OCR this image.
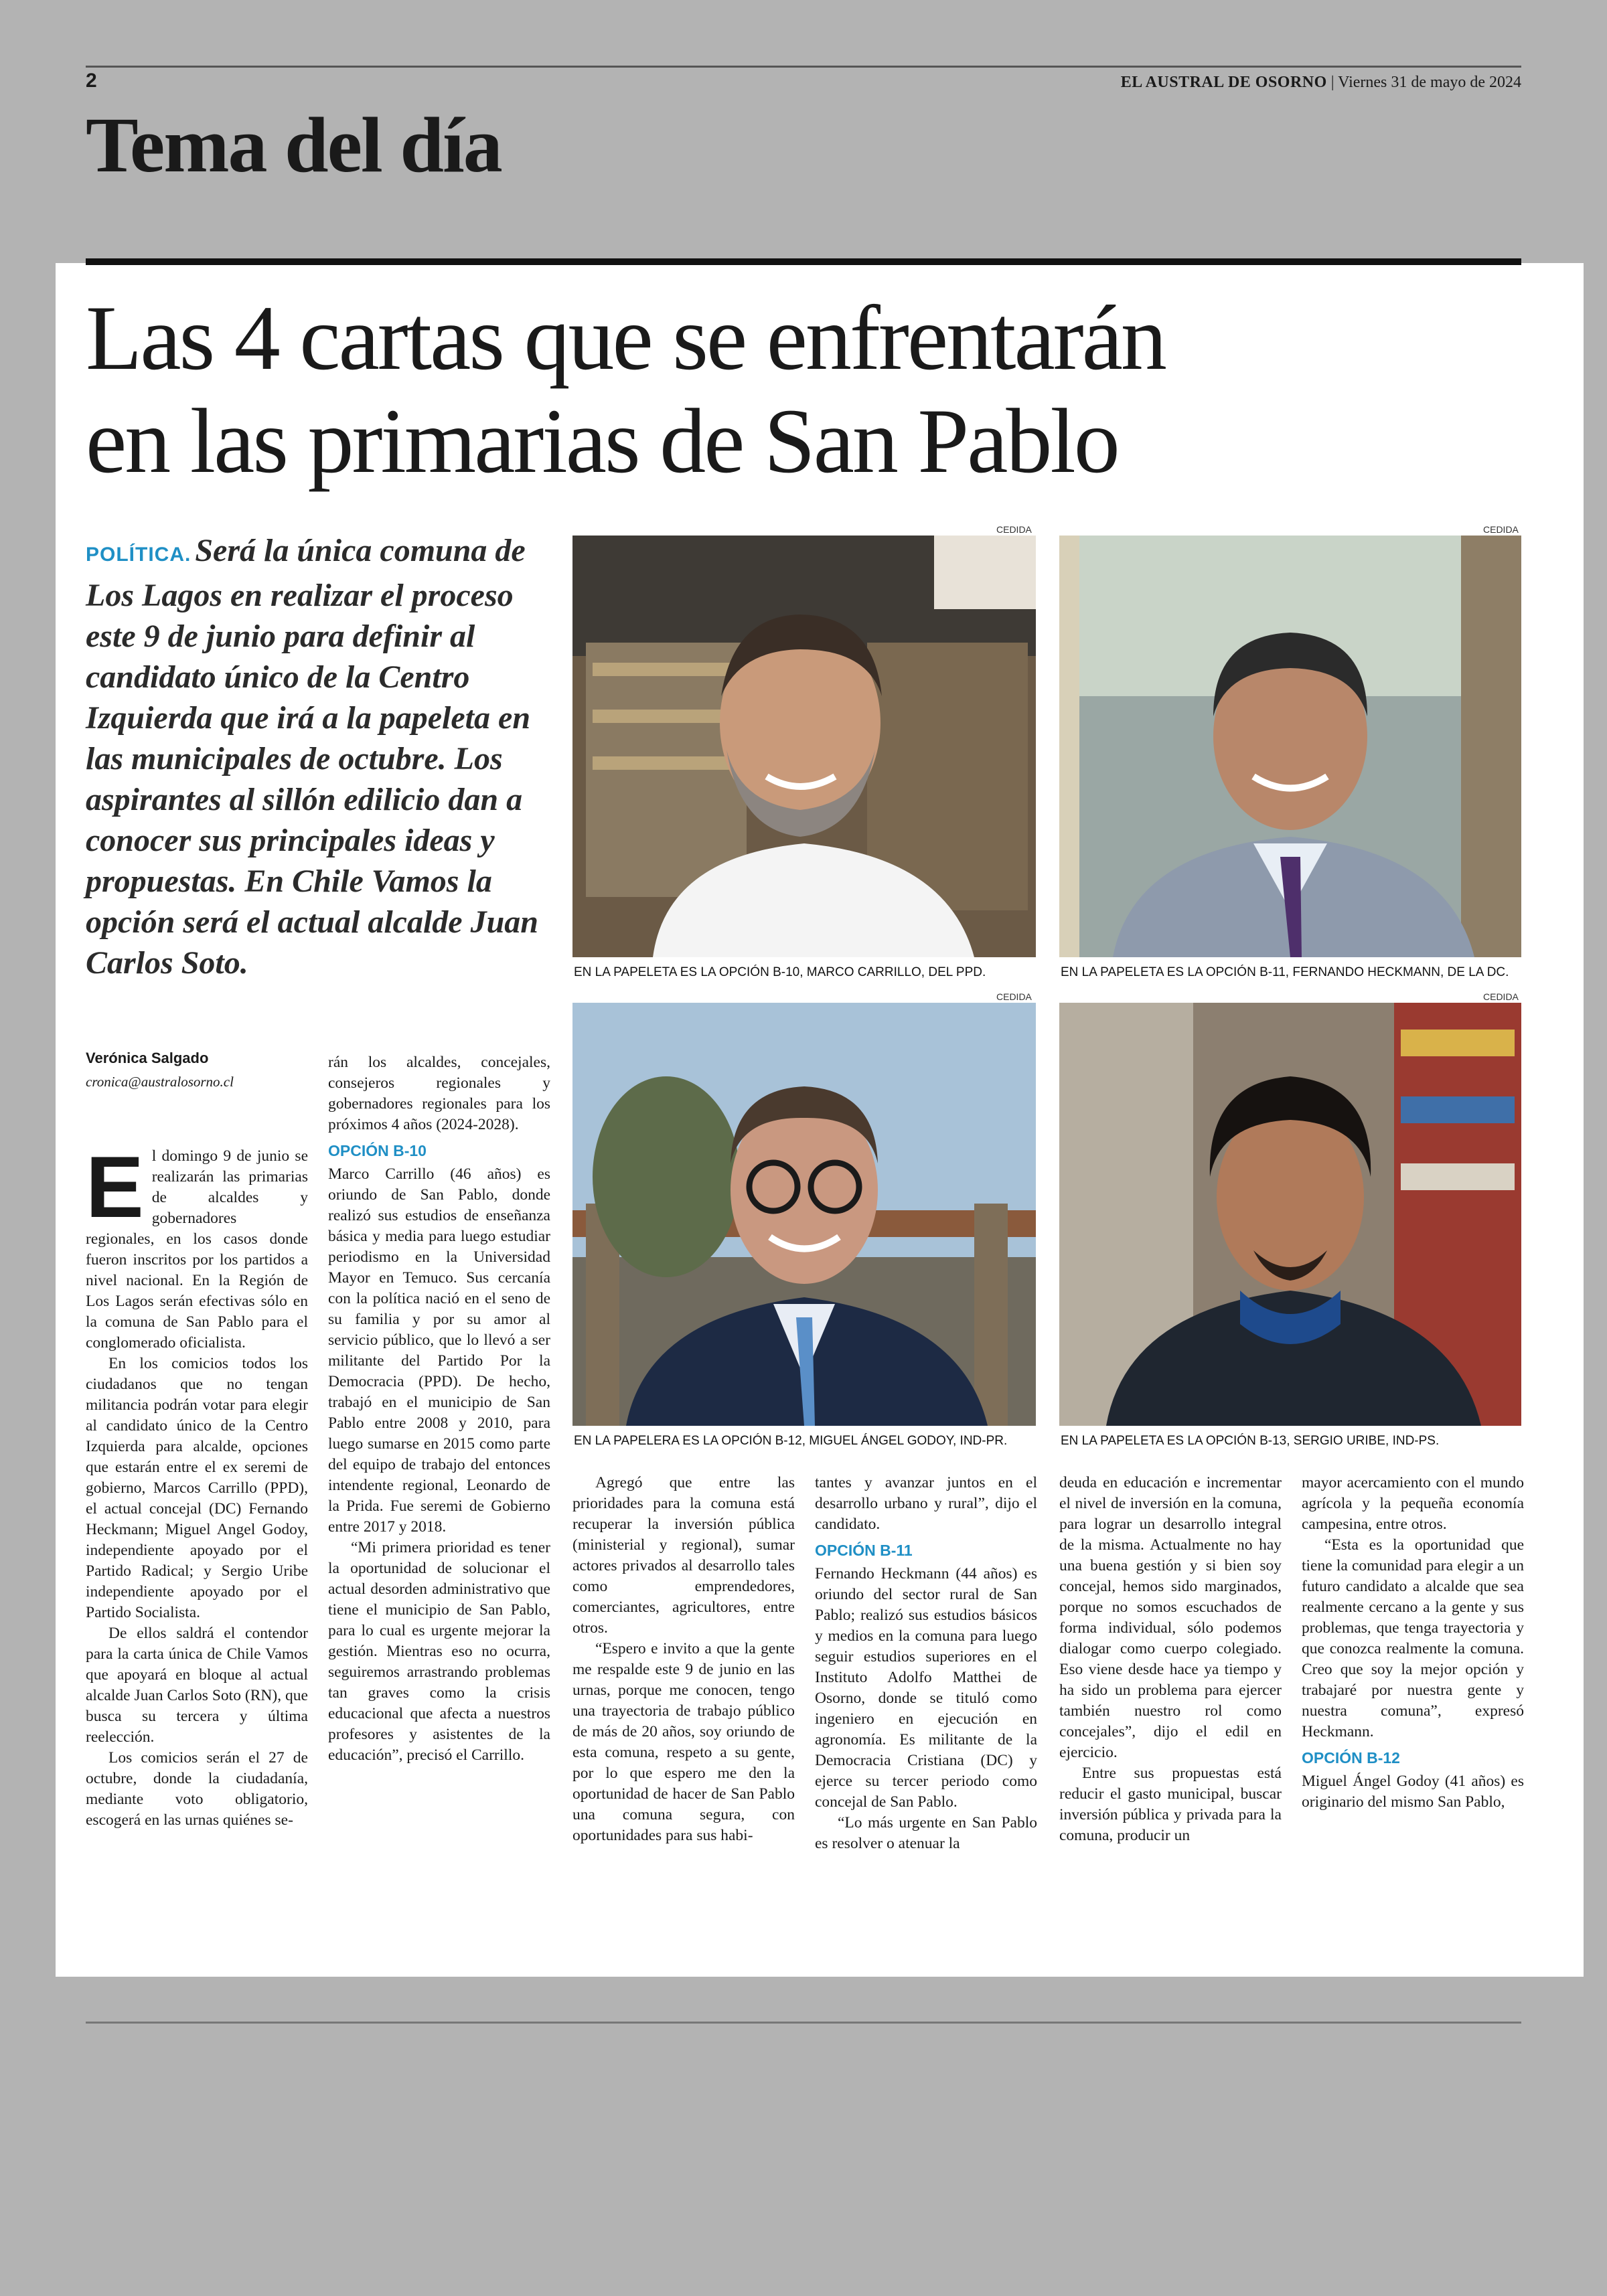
2	EL AUSTRAL DE OSORNO | Viernes 31 de mayo de 2024
Tema del día
Las 4 cartas que se enfrentarán
en las primarias de San Pablo
POLÍTICA. Será la única comuna de Los Lagos en realizar el proceso este 9 de junio para definir al candidato único de la Centro Izquierda que irá a la papeleta en las municipales de octubre. Los aspirantes al sillón edilicio dan a conocer sus principales ideas y propuestas. En Chile Vamos la opción será el actual alcalde Juan Carlos Soto.
CEDIDA
EN LA PAPELETA ES LA OPCIÓN B-10, MARCO CARRILLO, DEL PPD.
CEDIDA
EN LA PAPELETA ES LA OPCIÓN B-11, FERNANDO HECKMANN, DE LA DC.
CEDIDA
EN LA PAPELERA ES LA OPCIÓN B-12, MIGUEL ÁNGEL GODOY, IND-PR.
CEDIDA
EN LA PAPELETA ES LA OPCIÓN B-13, SERGIO URIBE, IND-PS.
Verónica Salgado
cronica@australosorno.cl

El domingo 9 de junio se realizarán las primarias de alcaldes y gobernadores regionales, en los casos donde fueron inscritos por los partidos a nivel nacional. En la Región de Los Lagos serán efectivas sólo en la comuna de San Pablo para el conglomerado oficialista.

En los comicios todos los ciudadanos que no tengan militancia podrán votar para elegir al candidato único de la Centro Izquierda para alcalde, opciones que estarán entre el ex seremi de gobierno, Marcos Carrillo (PPD), el actual concejal (DC) Fernando Heckmann; Miguel Angel Godoy, independiente apoyado por el Partido Radical; y Sergio Uribe independiente apoyado por el Partido Socialista.

De ellos saldrá el contendor para la carta única de Chile Vamos que apoyará en bloque al actual alcalde Juan Carlos Soto (RN), que busca su tercera y última reelección.

Los comicios serán el 27 de octubre, donde la ciudadanía, mediante voto obligatorio, escogerá en las urnas quiénes se-

rán los alcaldes, concejales, consejeros regionales y gobernadores regionales para los próximos 4 años (2024-2028).

OPCIÓN B-10

Marco Carrillo (46 años) es oriundo de San Pablo, donde realizó sus estudios de enseñanza básica y media para luego estudiar periodismo en la Universidad Mayor en Temuco. Sus cercanía con la política nació en el seno de su familia y por su amor al servicio público, que lo llevó a ser militante del Partido Por la Democracia (PPD). De hecho, trabajó en el municipio de San Pablo entre 2008 y 2010, para luego sumarse en 2015 como parte del equipo de trabajo del entonces intendente regional, Leonardo de la Prida. Fue seremi de Gobierno entre 2017 y 2018.

“Mi primera prioridad es tener la oportunidad de solucionar el actual desorden administrativo que tiene el municipio de San Pablo, para lo cual es urgente mejorar la gestión. Mientras eso no ocurra, seguiremos arrastrando problemas tan graves como la crisis educacional que afecta a nuestros profesores y asistentes de la educación”, precisó el Carrillo.

Agregó que entre las prioridades para la comuna está recuperar la inversión pública (ministerial y regional), sumar actores privados al desarrollo tales como emprendedores, comerciantes, agricultores, entre otros.

“Espero e invito a que la gente me respalde este 9 de junio en las urnas, porque me conocen, tengo una trayectoria de trabajo público de más de 20 años, soy oriundo de esta comuna, respeto a su gente, por lo que espero me den la oportunidad de hacer de San Pablo una comuna segura, con oportunidades para sus habi-

tantes y avanzar juntos en el desarrollo urbano y rural”, dijo el candidato.

OPCIÓN B-11

Fernando Heckmann (44 años) es oriundo del sector rural de San Pablo; realizó sus estudios básicos y medios en la comuna para luego seguir estudios superiores en el Instituto Adolfo Matthei de Osorno, donde se tituló como ingeniero en ejecución en agronomía. Es militante de la Democracia Cristiana (DC) y ejerce su tercer periodo como concejal de San Pablo.

“Lo más urgente en San Pablo es resolver o atenuar la

deuda en educación e incrementar el nivel de inversión en la comuna, para lograr un desarrollo integral de la misma. Actualmente no hay una buena gestión y si bien soy concejal, hemos sido marginados, porque no somos escuchados de forma individual, sólo podemos dialogar como cuerpo colegiado. Eso viene desde hace ya tiempo y ha sido un problema para ejercer también nuestro rol como concejales”, dijo el edil en ejercicio.

Entre sus propuestas está reducir el gasto municipal, buscar inversión pública y privada para la comuna, producir un

mayor acercamiento con el mundo agrícola y la pequeña economía campesina, entre otros.

“Esta es la oportunidad que tiene la comunidad para elegir a un futuro candidato a alcalde que sea realmente cercano a la gente y sus problemas, que tenga trayectoria y que conozca realmente la comuna. Creo que soy la mejor opción y trabajaré por nuestra gente y nuestra comuna”, expresó Heckmann.

OPCIÓN B-12

Miguel Ángel Godoy (41 años) es originario del mismo San Pablo,
